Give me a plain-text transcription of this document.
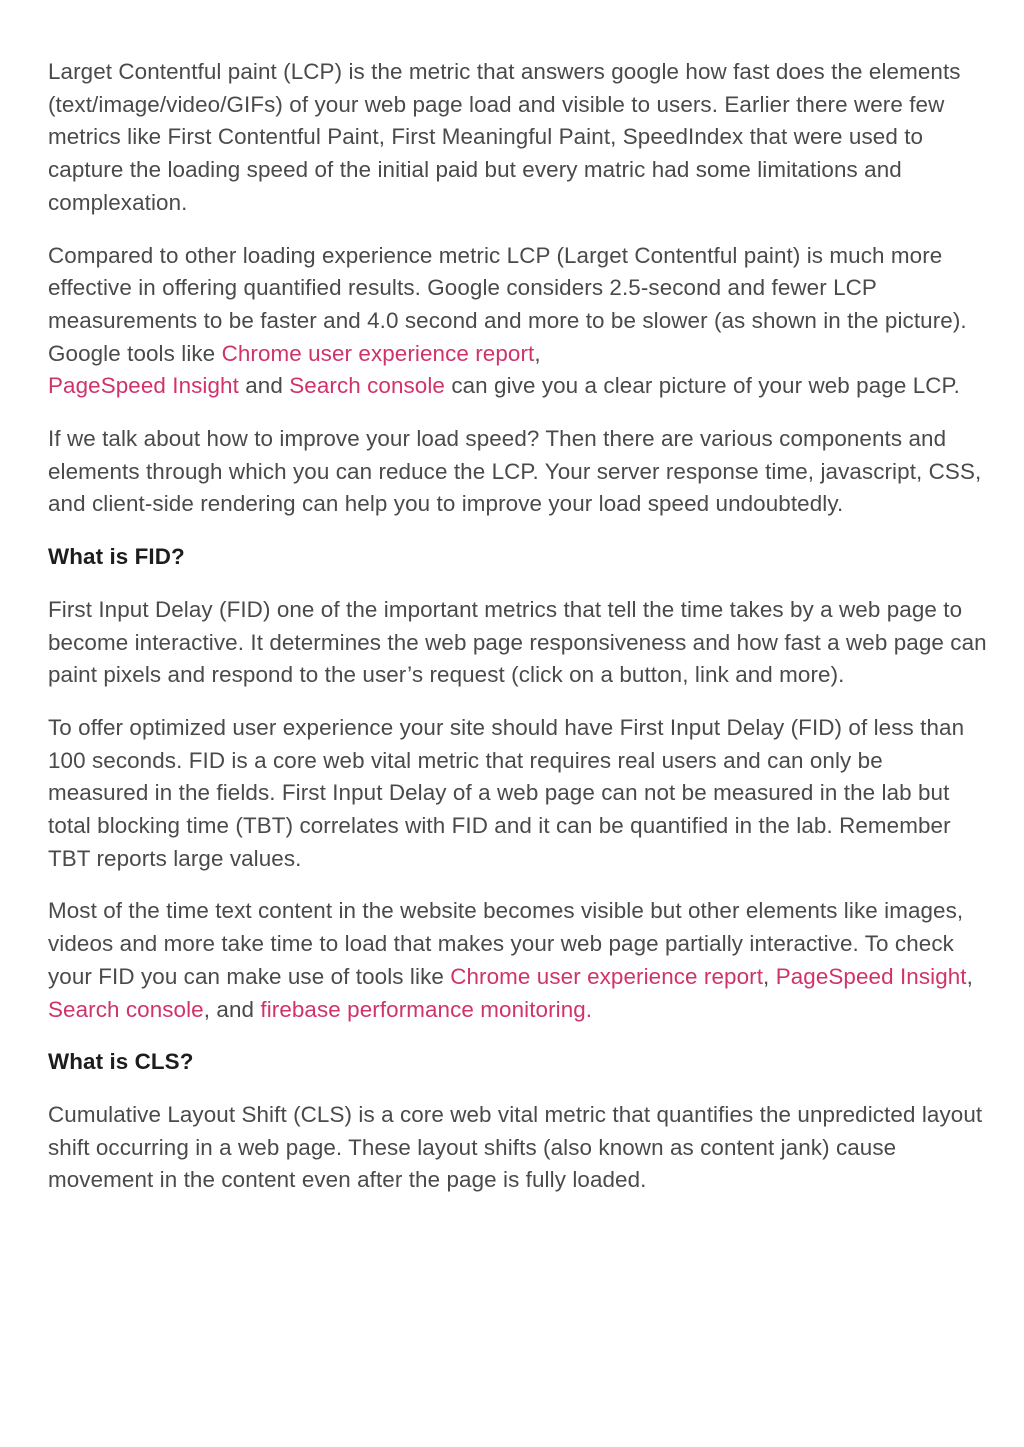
Larget Contentful paint (LCP) is the metric that answers google how fast does the elements (text/image/video/GIFs) of your web page load and visible to users. Earlier there were few metrics like First Contentful Paint, First Meaningful Paint, SpeedIndex that were used to capture the loading speed of the initial paid but every matric had some limitations and complexation.

Compared to other loading experience metric LCP (Larget Contentful paint) is much more effective in offering quantified results. Google considers 2.5-second and fewer LCP measurements to be faster and 4.0 second and more to be slower (as shown in the picture). Google tools like Chrome user experience report,
PageSpeed Insight and Search console can give you a clear picture of your web page LCP.

If we talk about how to improve your load speed? Then there are various components and elements through which you can reduce the LCP. Your server response time, javascript, CSS, and client-side rendering can help you to improve your load speed undoubtedly.

What is FID?

First Input Delay (FID) one of the important metrics that tell the time takes by a web page to become interactive. It determines the web page responsiveness and how fast a web page can paint pixels and respond to the user’s request (click on a button, link and more).

To offer optimized user experience your site should have First Input Delay (FID) of less than 100 seconds. FID is a core web vital metric that requires real users and can only be measured in the fields. First Input Delay of a web page can not be measured in the lab but total blocking time (TBT) correlates with FID and it can be quantified in the lab. Remember TBT reports large values.

Most of the time text content in the website becomes visible but other elements like images, videos and more take time to load that makes your web page partially interactive. To check your FID you can make use of tools like Chrome user experience report, PageSpeed Insight, Search console, and firebase performance monitoring.

What is CLS?

Cumulative Layout Shift (CLS) is a core web vital metric that quantifies the unpredicted layout shift occurring in a web page. These layout shifts (also known as content jank) cause movement in the content even after the page is fully loaded.
